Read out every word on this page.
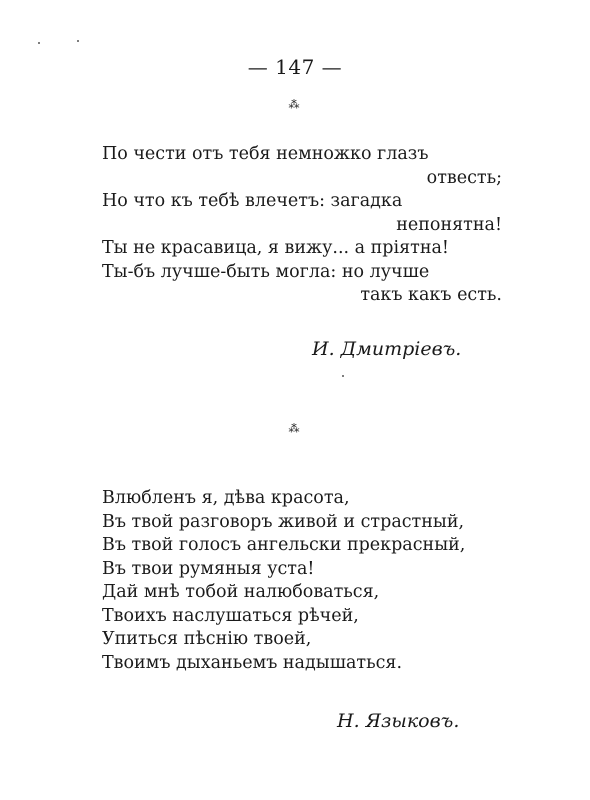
— 147 —
⁂
По чести отъ тебя немножко глазъ
отвесть;
Но что къ тебѣ влечетъ: загадка
непонятна!
Ты не красавица, я вижу... а пріятна!
Ты-бъ лучше-быть могла: но лучше
такъ какъ есть.
И. Дмитріевъ.
⁂
Влюбленъ я, дѣва красота,
Въ твой разговоръ живой и страстный,
Въ твой голосъ ангельски прекрасный,
Въ твои румяныя уста!
Дай мнѣ тобой налюбоваться,
Твоихъ наслушаться рѣчей,
Упиться пѣснію твоей,
Твоимъ дыханьемъ надышаться.
Н. Языковъ.
